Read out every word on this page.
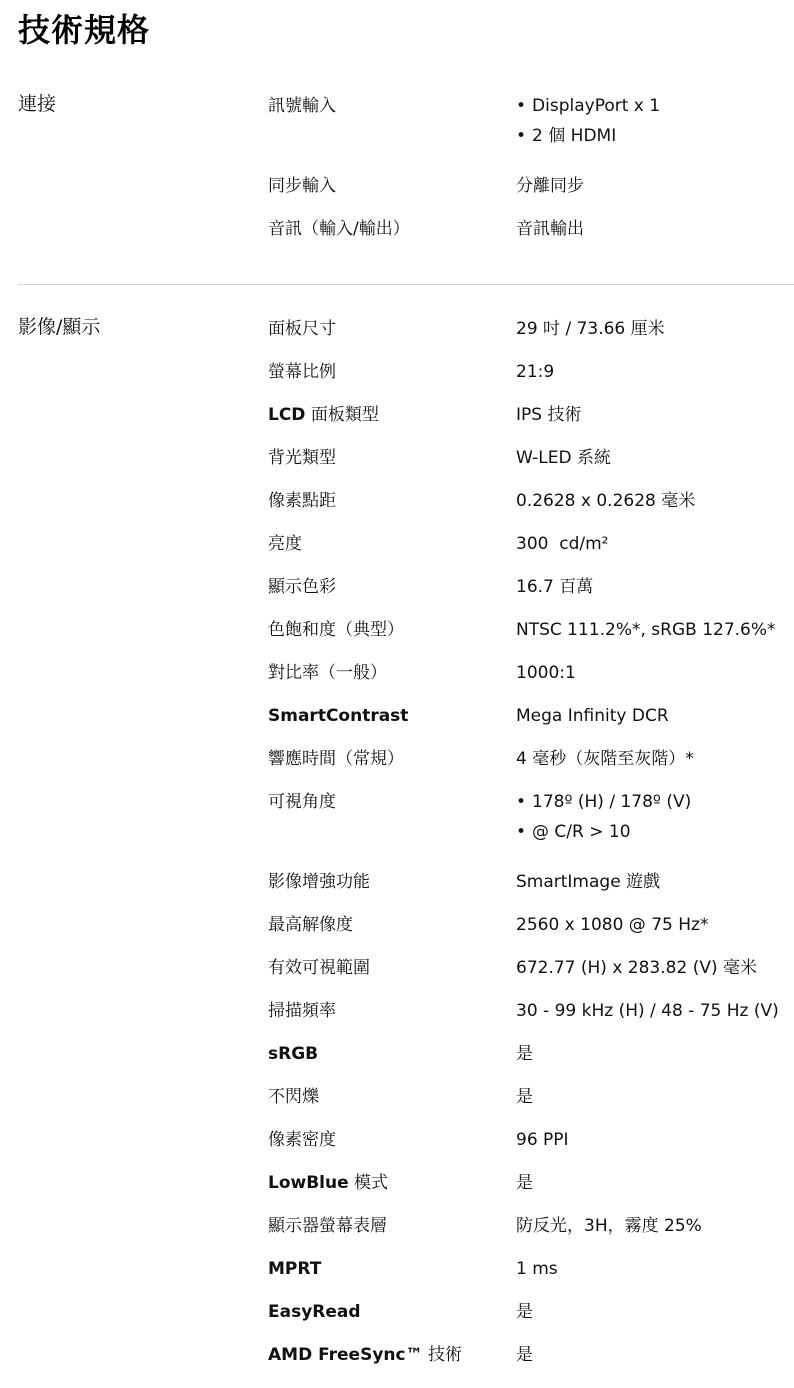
技術規格
連接	訊號輸入	• DisplayPort x 1
• 2 個 HDMI
同步輸入	分離同步
音訊（輸入/輸出）	音訊輸出
影像/顯示	面板尺寸	29 吋 / 73.66 厘米
螢幕比例	21:9
LCD 面板類型	IPS 技術
背光類型	W-LED 系統
像素點距	0.2628 x 0.2628 毫米
亮度	300  cd/m²
顯示色彩	16.7 百萬
色飽和度（典型）	NTSC 111.2%*, sRGB 127.6%*
對比率（一般）	1000:1
SmartContrast	Mega Infinity DCR
響應時間（常規）	4 毫秒（灰階至灰階）*
可視角度	• 178º (H) / 178º (V)
• @ C/R > 10
影像增強功能	SmartImage 遊戲
最高解像度	2560 x 1080 @ 75 Hz*
有效可視範圍	672.77 (H) x 283.82 (V) 毫米
掃描頻率	30 - 99 kHz (H) / 48 - 75 Hz (V)
sRGB	是
不閃爍	是
像素密度	96 PPI
LowBlue 模式	是
顯示器螢幕表層	防反光，3H，霧度 25%
MPRT	1 ms
EasyRead	是
AMD FreeSync™ 技術	是
